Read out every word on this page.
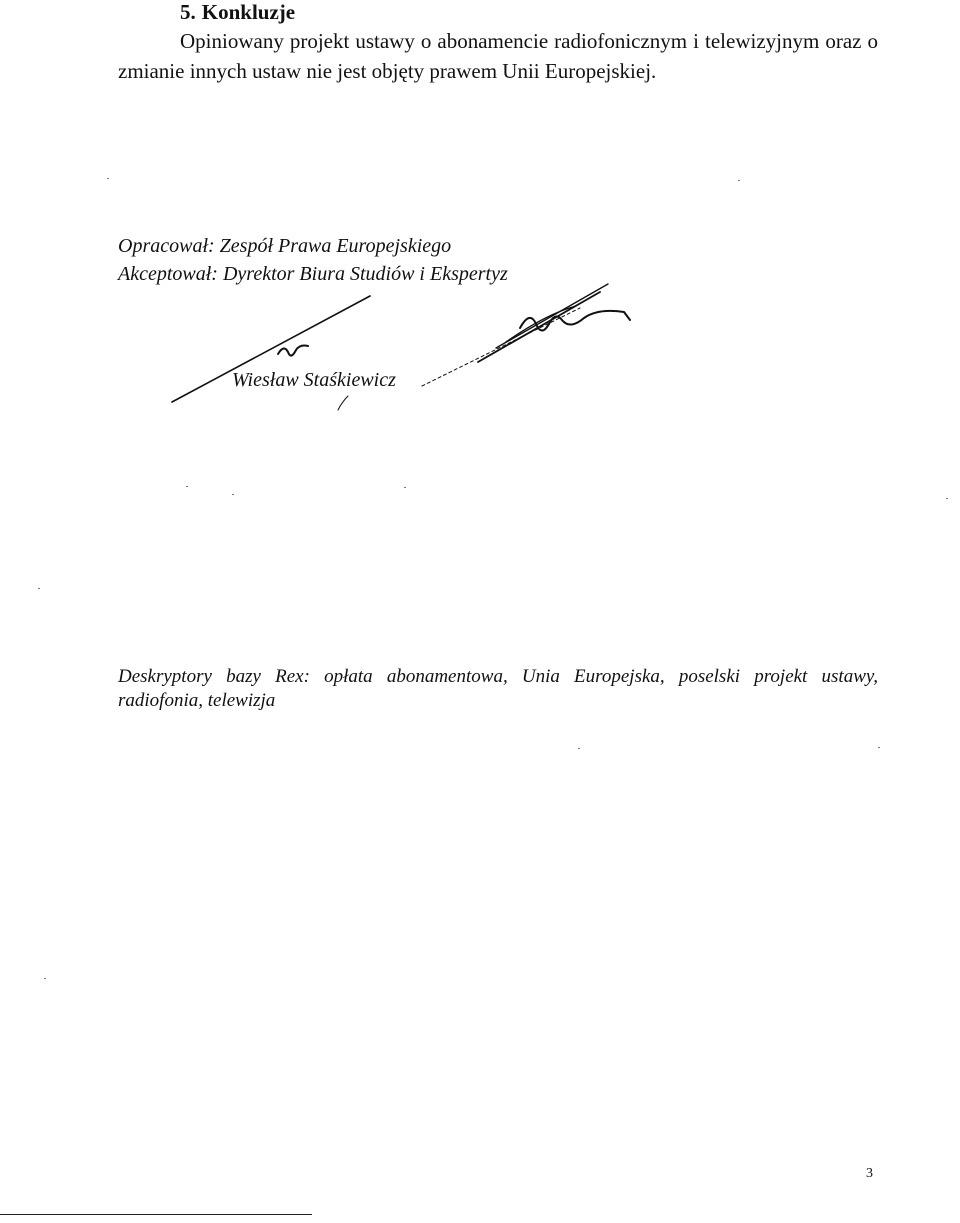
5. Konkluzje

Opiniowany projekt ustawy o abonamencie radiofonicznym i telewizyjnym oraz o zmianie innych ustaw nie jest objęty prawem Unii Europejskiej.

Opracował: Zespół Prawa Europejskiego
Akceptował: Dyrektor Biura Studiów i Ekspertyz

Wiesław Staśkiewicz

Deskryptory bazy Rex: opłata abonamentowa, Unia Europejska, poselski projekt ustawy, radiofonia, telewizja

3
